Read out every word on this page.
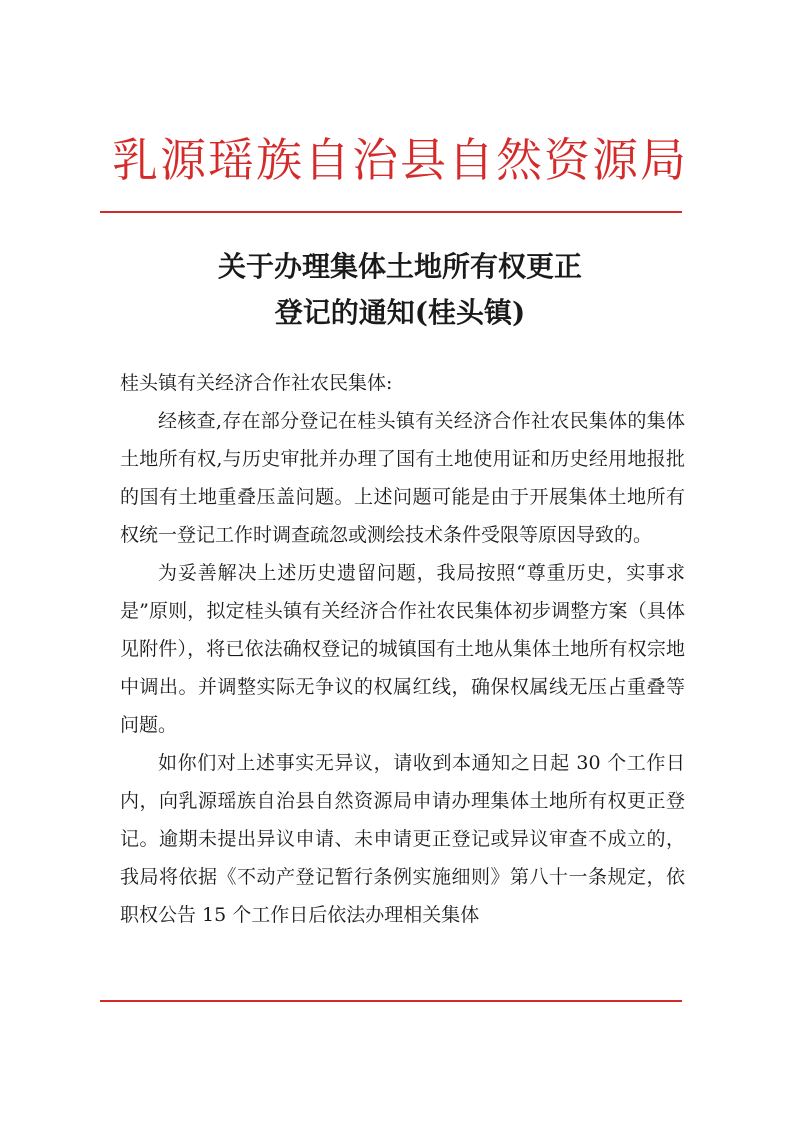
乳源瑶族自治县自然资源局
关于办理集体土地所有权更正
登记的通知(桂头镇)

桂头镇有关经济合作社农民集体:

经核查,存在部分登记在桂头镇有关经济合作社农民集体的集体土地所有权,与历史审批并办理了国有土地使用证和历史经用地报批的国有土地重叠压盖问题。上述问题可能是由于开展集体土地所有权统一登记工作时调查疏忽或测绘技术条件受限等原因导致的。

为妥善解决上述历史遗留问题，我局按照“尊重历史，实事求是”原则，拟定桂头镇有关经济合作社农民集体初步调整方案（具体见附件），将已依法确权登记的城镇国有土地从集体土地所有权宗地中调出。并调整实际无争议的权属红线，确保权属线无压占重叠等问题。

如你们对上述事实无异议，请收到本通知之日起 30 个工作日内，向乳源瑶族自治县自然资源局申请办理集体土地所有权更正登记。逾期未提出异议申请、未申请更正登记或异议审查不成立的，我局将依据《不动产登记暂行条例实施细则》第八十一条规定，依职权公告 15 个工作日后依法办理相关集体
